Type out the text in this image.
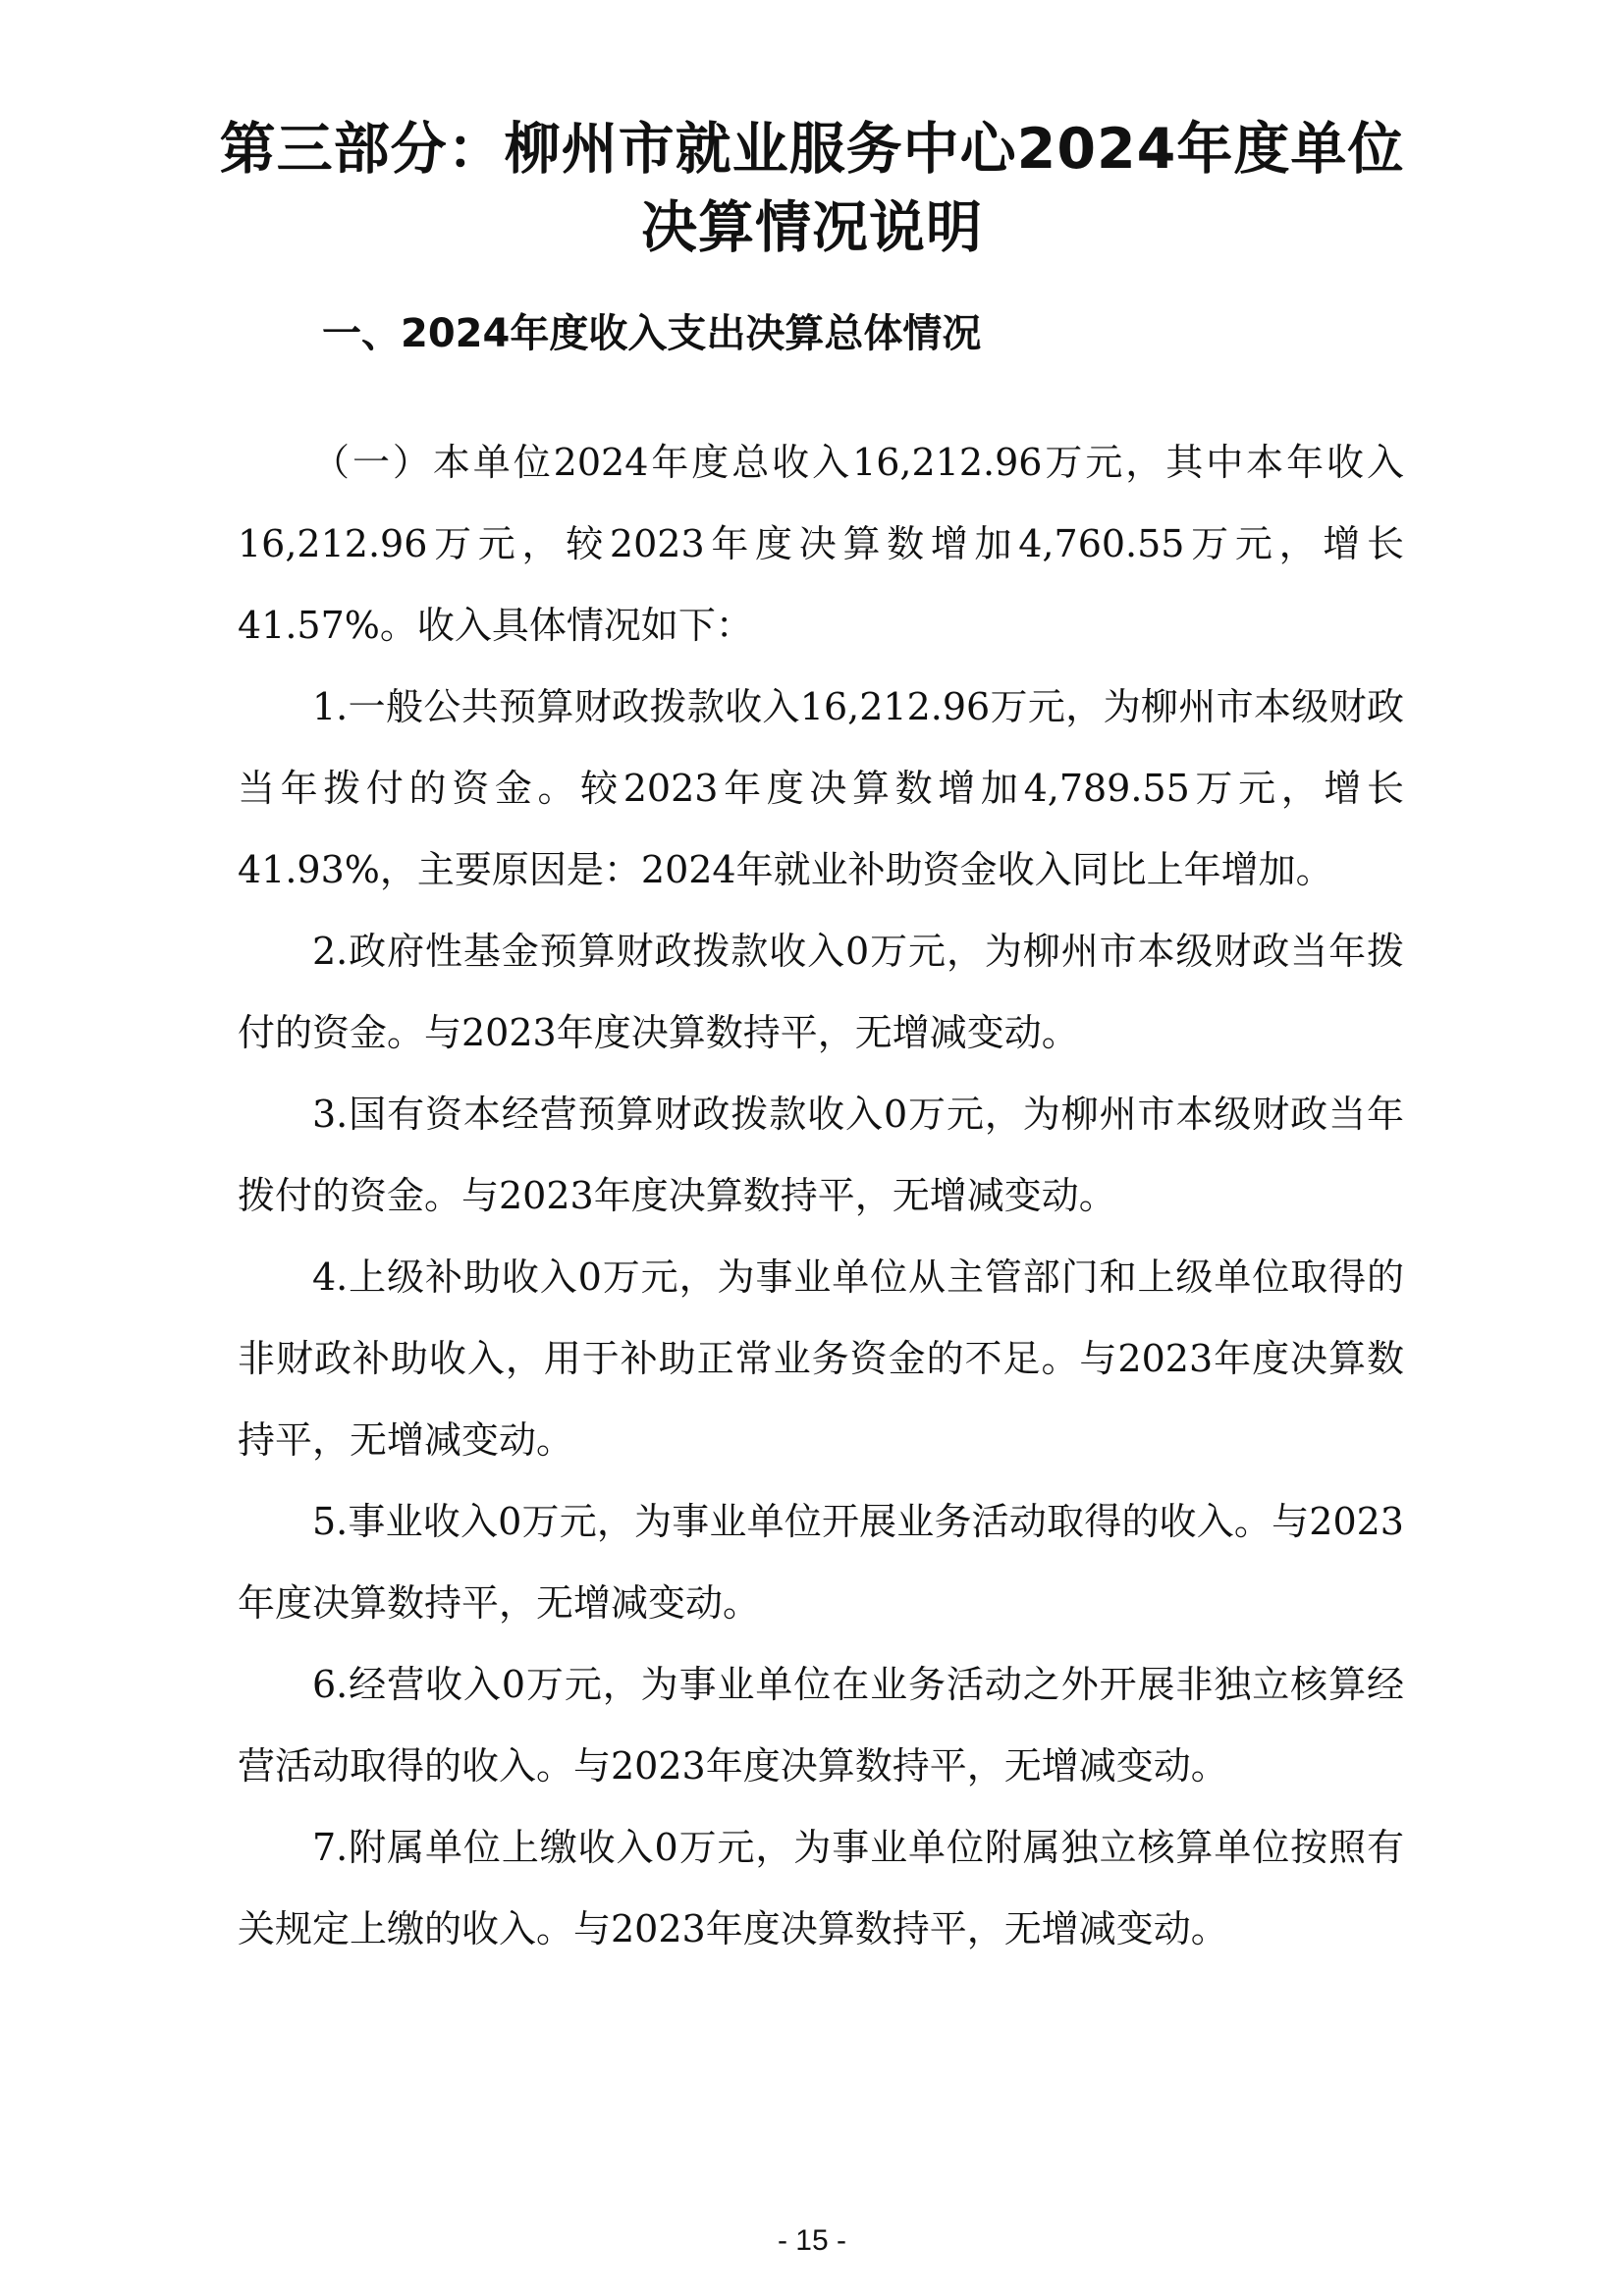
第三部分：柳州市就业服务中心2024年度单位决算情况说明
一、2024年度收入支出决算总体情况

（一）本单位2024年度总收入16,212.96万元，其中本年收入16,212.96万元，较2023年度决算数增加4,760.55万元，增长41.57%。收入具体情况如下：

1.一般公共预算财政拨款收入16,212.96万元，为柳州市本级财政当年拨付的资金。较2023年度决算数增加4,789.55万元，增长41.93%，主要原因是：2024年就业补助资金收入同比上年增加。

2.政府性基金预算财政拨款收入0万元，为柳州市本级财政当年拨付的资金。与2023年度决算数持平，无增减变动。

3.国有资本经营预算财政拨款收入0万元，为柳州市本级财政当年拨付的资金。与2023年度决算数持平，无增减变动。

4.上级补助收入0万元，为事业单位从主管部门和上级单位取得的非财政补助收入，用于补助正常业务资金的不足。与2023年度决算数持平，无增减变动。

5.事业收入0万元，为事业单位开展业务活动取得的收入。与2023年度决算数持平，无增减变动。

6.经营收入0万元，为事业单位在业务活动之外开展非独立核算经营活动取得的收入。与2023年度决算数持平，无增减变动。

7.附属单位上缴收入0万元，为事业单位附属独立核算单位按照有关规定上缴的收入。与2023年度决算数持平，无增减变动。

- 15 -
